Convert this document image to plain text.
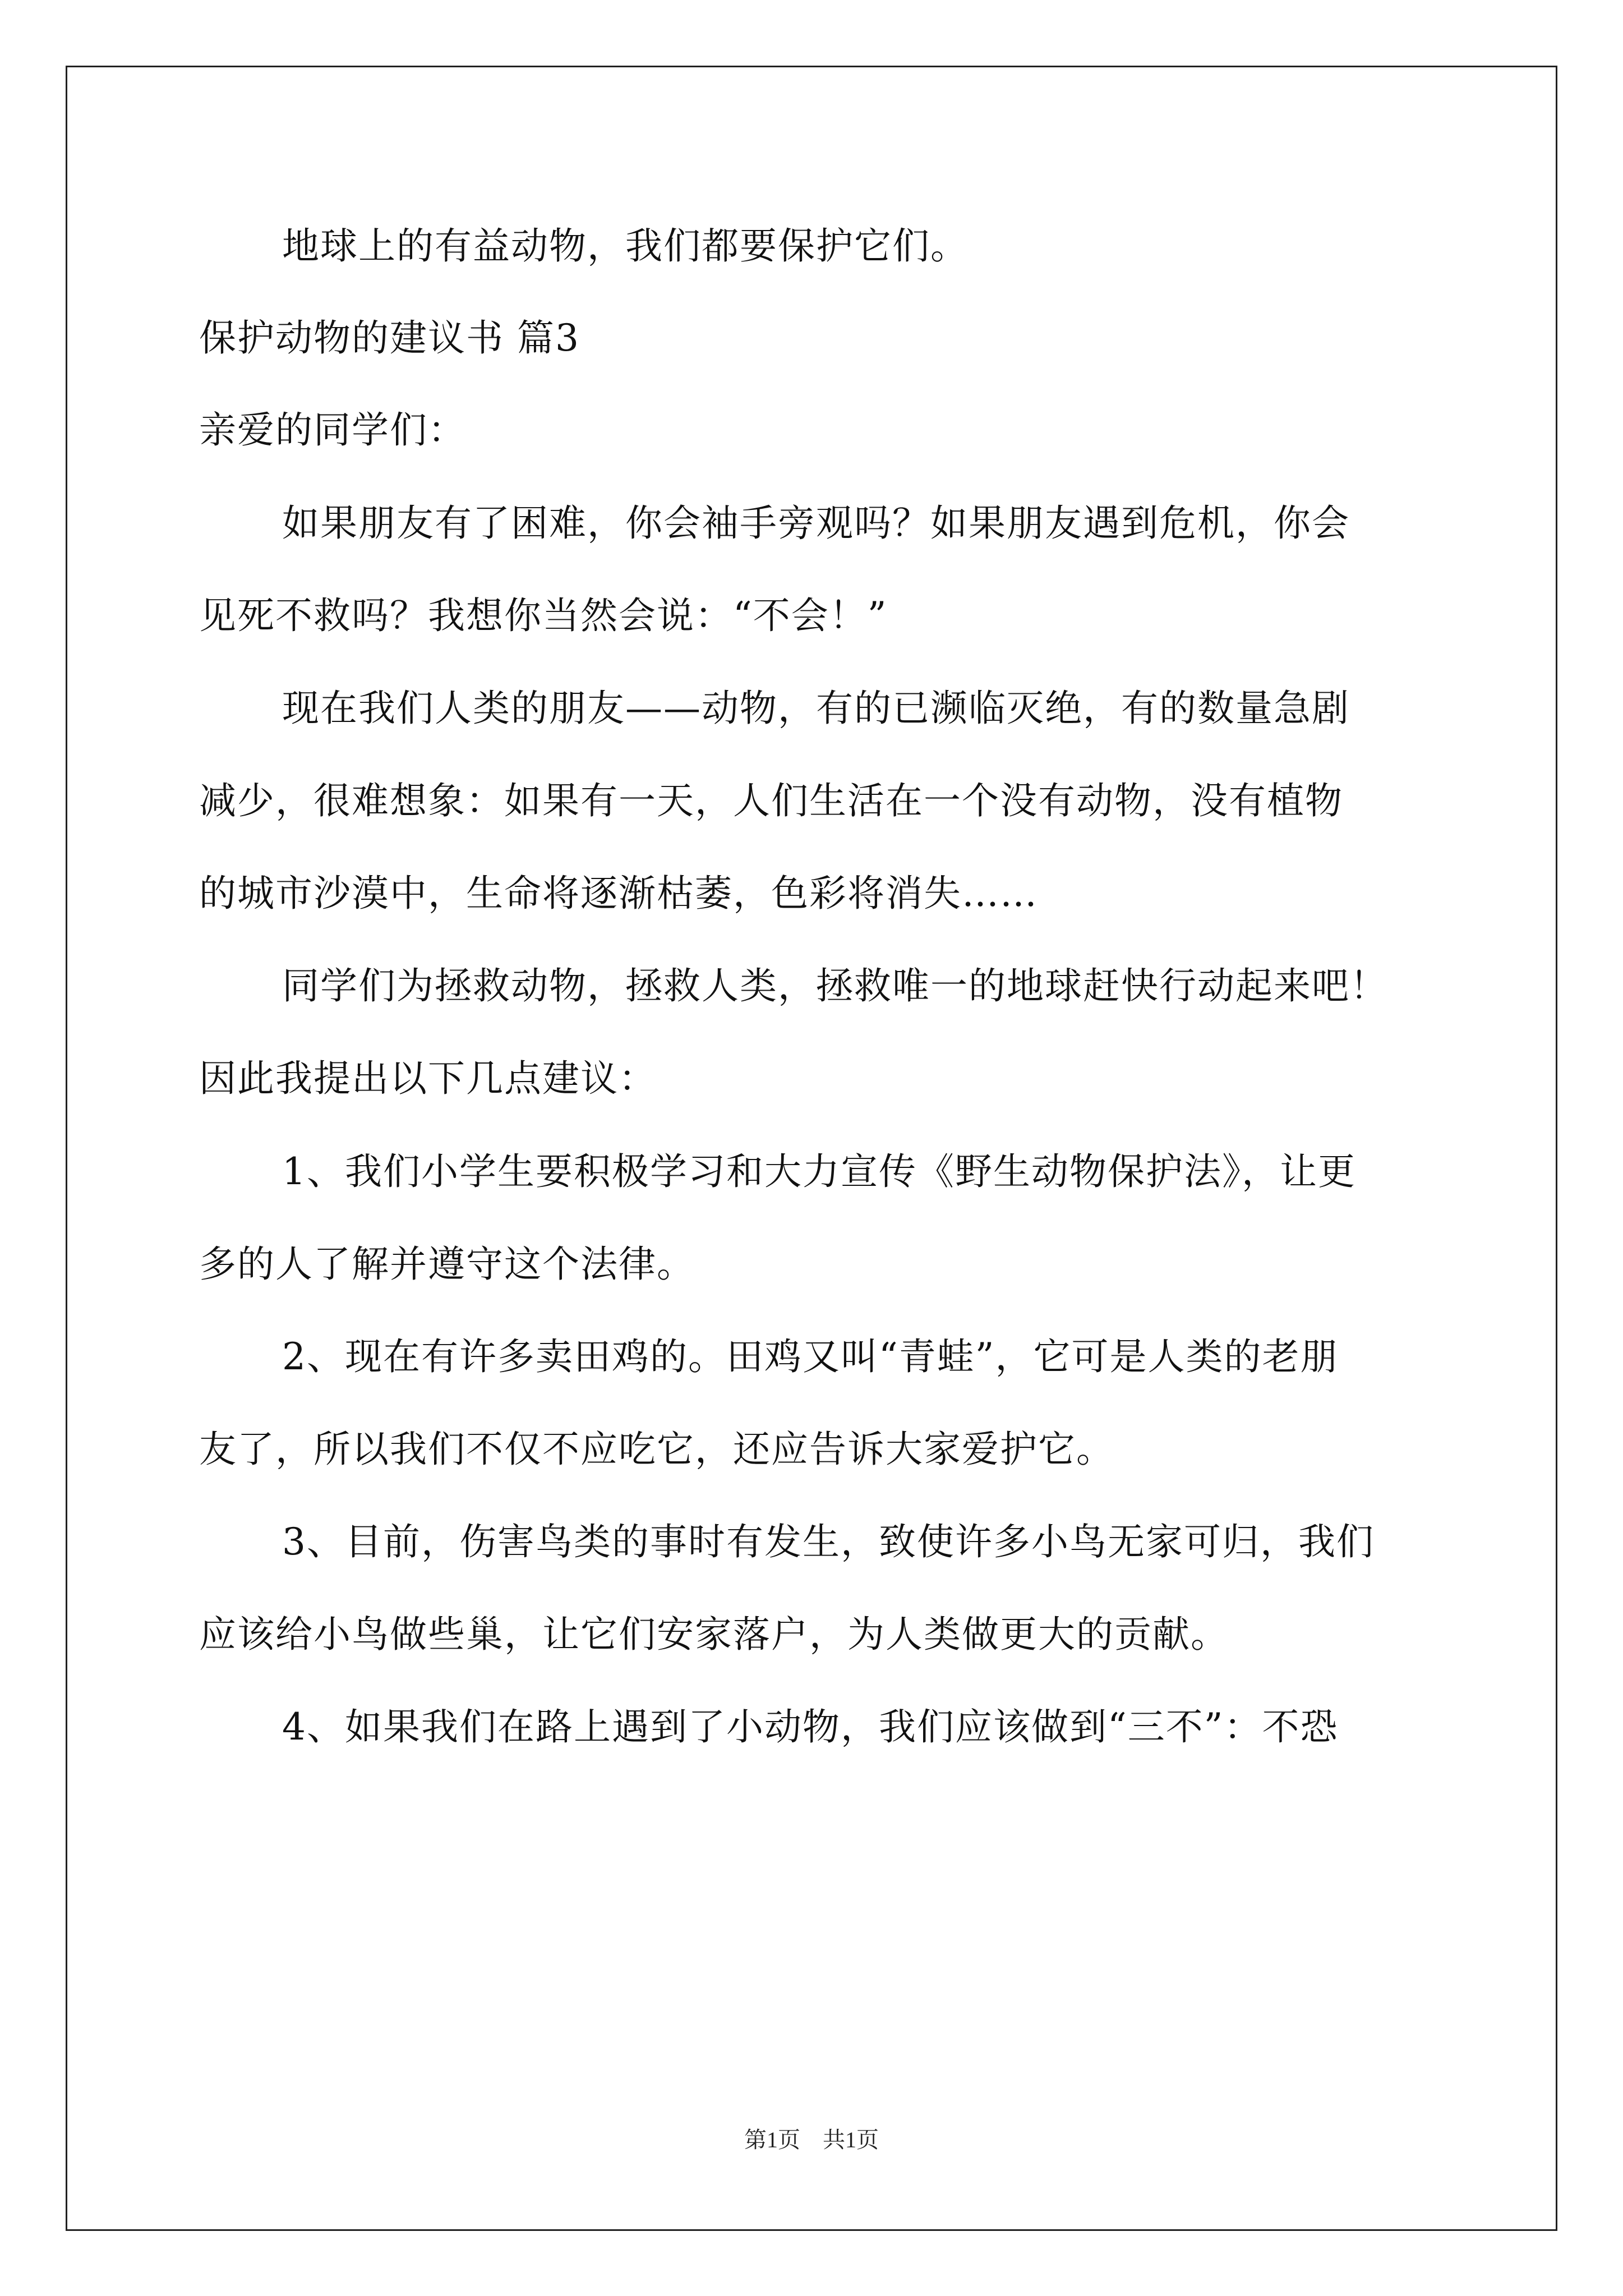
地球上的有益动物，我们都要保护它们。
保护动物的建议书 篇3
亲爱的同学们：
如果朋友有了困难，你会袖手旁观吗？如果朋友遇到危机，你会
见死不救吗？我想你当然会说：“不会！”
现在我们人类的朋友——动物，有的已濒临灭绝，有的数量急剧
减少，很难想象：如果有一天，人们生活在一个没有动物，没有植物
的城市沙漠中，生命将逐渐枯萎，色彩将消失……
同学们为拯救动物，拯救人类，拯救唯一的地球赶快行动起来吧！
因此我提出以下几点建议：
1、我们小学生要积极学习和大力宣传《野生动物保护法》，让更
多的人了解并遵守这个法律。
2、现在有许多卖田鸡的。田鸡又叫“青蛙”，它可是人类的老朋
友了，所以我们不仅不应吃它，还应告诉大家爱护它。
3、目前，伤害鸟类的事时有发生，致使许多小鸟无家可归，我们
应该给小鸟做些巢，让它们安家落户，为人类做更大的贡献。
4、如果我们在路上遇到了小动物，我们应该做到“三不”：不恐
第1页　共1页
